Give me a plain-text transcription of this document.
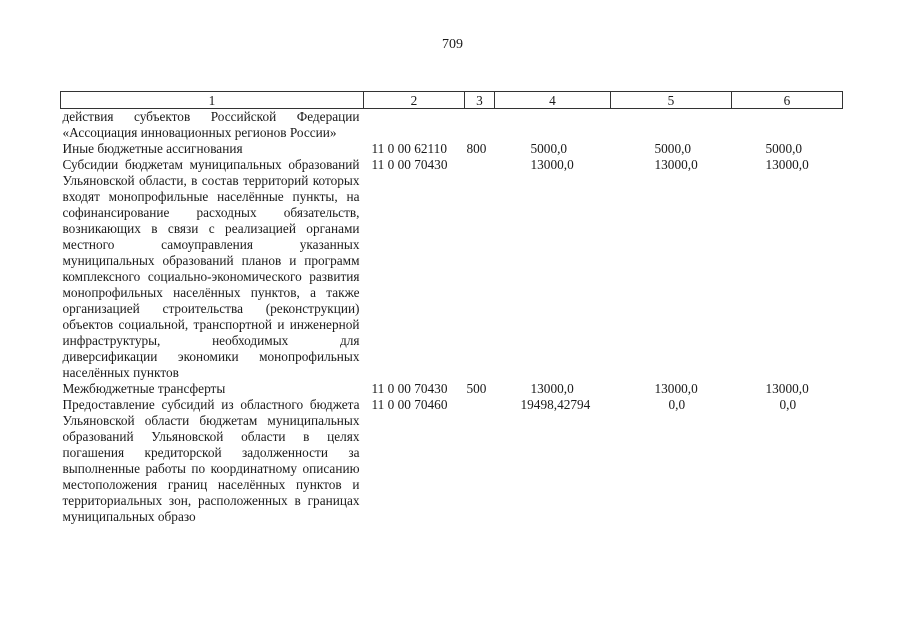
709
1	2	3	4	5	6
действия субъектов Российской Федерации «Ассоциация инновационных регионов России»					
Иные бюджетные ассигнования	11 0 00 62110	800	5000,0	5000,0	5000,0
Субсидии бюджетам муниципальных образований Ульяновской области, в состав территорий которых входят монопрофильные населённые пункты, на софинансирование расходных обязательств, возникающих в связи с реализацией органами местного самоуправления указанных муниципальных образований планов и программ комплексного социально-экономического развития монопрофильных населённых пунктов, а также организацией строительства (реконструкции) объектов социальной, транспортной и инженерной инфраструктуры, необходимых для диверсификации экономики монопрофильных населённых пунктов	11 0 00 70430		13000,0	13000,0	13000,0
Межбюджетные трансферты	11 0 00 70430	500	13000,0	13000,0	13000,0
Предоставление субсидий из областного бюджета Ульяновской области бюджетам муниципальных образований Ульяновской области в целях погашения кредиторской задолженности за выполненные работы по координатному описанию местоположения границ населённых пунктов и территориальных зон, расположенных в границах муниципальных образо	11 0 00 70460		19498,42794	0,0	0,0
